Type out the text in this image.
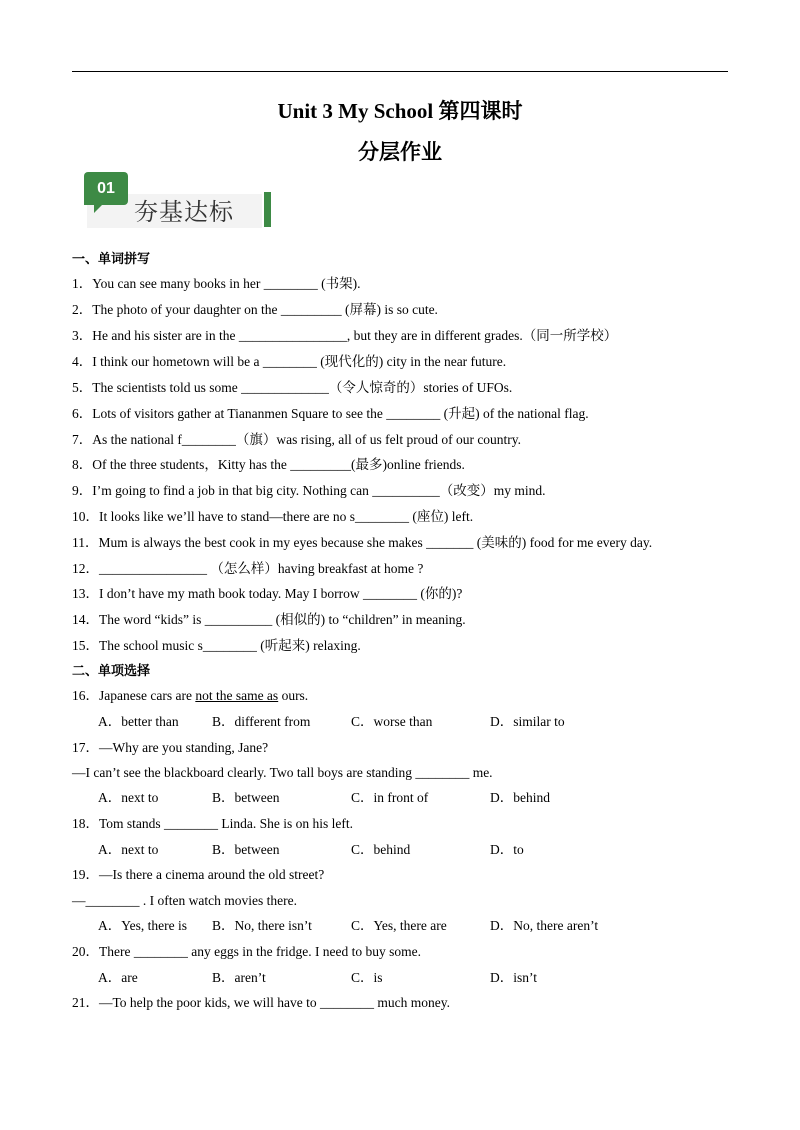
Unit 3 My School 第四课时
分层作业
01
夯基达标
一、单词拼写
1．You can see many books in her ________ (书架).
2．The photo of your daughter on the _________ (屏幕) is so cute.
3．He and his sister are in the ________________, but they are in different grades.（同一所学校）
4．I think our hometown will be a ________ (现代化的) city in the near future.
5．The scientists told us some _____________（令人惊奇的）stories of UFOs.
6．Lots of visitors gather at Tiananmen Square to see the ________ (升起) of the national flag.
7．As the national f________（旗）was rising, all of us felt proud of our country.
8．Of the three students，Kitty has the _________(最多)online friends.
9．I’m going to find a job in that big city. Nothing can __________（改变）my mind.
10．It looks like we’ll have to stand—there are no s________ (座位) left.
11．Mum is always the best cook in my eyes because she makes _______ (美味的) food for me every day.
12．________________ （怎么样）having breakfast at home ?
13．I don’t have my math book today. May I borrow ________ (你的)?
14．The word “kids” is __________ (相似的) to “children” in meaning.
15．The school music s________ (听起来) relaxing.
二、单项选择
16．Japanese cars are not the same as ours.
A．better than B．different from	C．worse than	D．similar to
17．—Why are you standing, Jane?
—I can’t see the blackboard clearly. Two tall boys are standing ________ me.
A．next to	B．between	C．in front of	D．behind
18．Tom stands ________ Linda. She is on his left.
A．next to	B．between	C．behind	D．to
19．—Is there a cinema around the old street?
—________ . I often watch movies there.
A．Yes, there is B．No, there isn’t	C．Yes, there are	D．No, there aren’t
20．There ________ any eggs in the fridge. I need to buy some.
A．are	B．aren’t	C．is	D．isn’t
21．—To help the poor kids, we will have to ________ much money.
